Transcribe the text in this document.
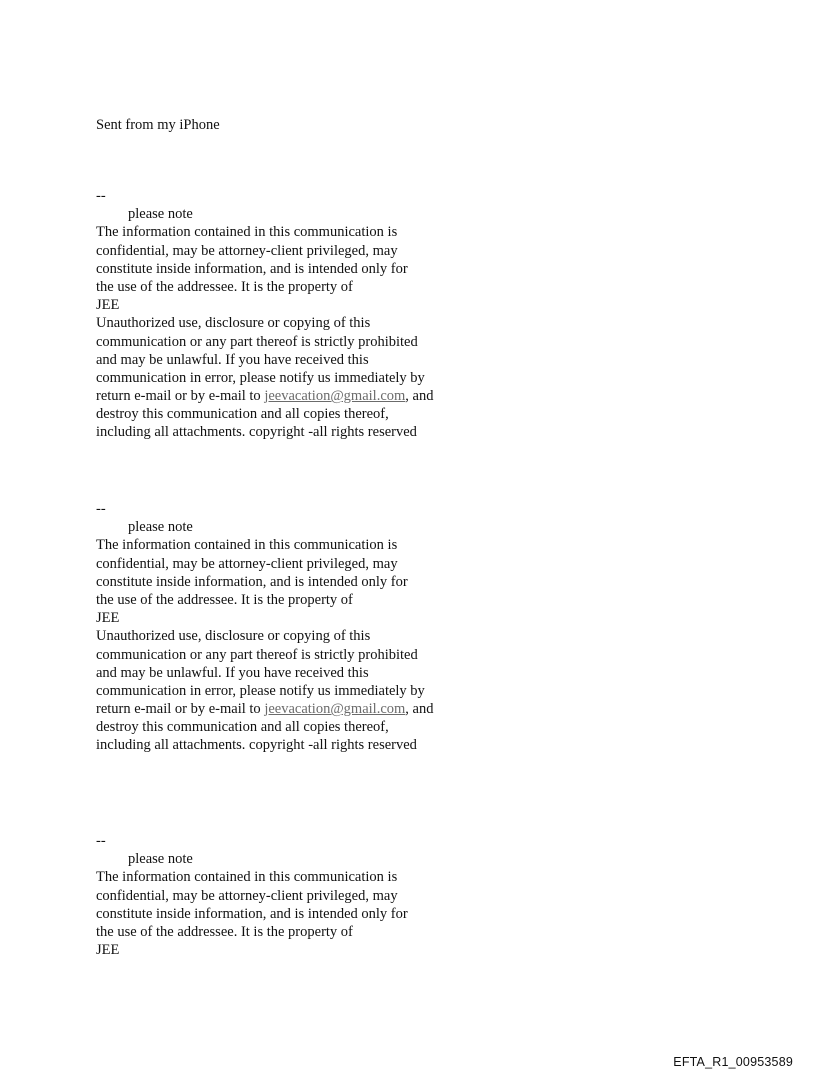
Sent from my iPhone
--
please note
The information contained in this communication is
confidential, may be attorney-client privileged, may
constitute inside information, and is intended only for
the use of the addressee. It is the property of
JEE
Unauthorized use, disclosure or copying of this
communication or any part thereof is strictly prohibited
and may be unlawful. If you have received this
communication in error, please notify us immediately by
return e-mail or by e-mail to jeevacation@gmail.com, and
destroy this communication and all copies thereof,
including all attachments. copyright -all rights reserved
--
please note
The information contained in this communication is
confidential, may be attorney-client privileged, may
constitute inside information, and is intended only for
the use of the addressee. It is the property of
JEE
Unauthorized use, disclosure or copying of this
communication or any part thereof is strictly prohibited
and may be unlawful. If you have received this
communication in error, please notify us immediately by
return e-mail or by e-mail to jeevacation@gmail.com, and
destroy this communication and all copies thereof,
including all attachments. copyright -all rights reserved
--
please note
The information contained in this communication is
confidential, may be attorney-client privileged, may
constitute inside information, and is intended only for
the use of the addressee. It is the property of
JEE
EFTA_R1_00953589
